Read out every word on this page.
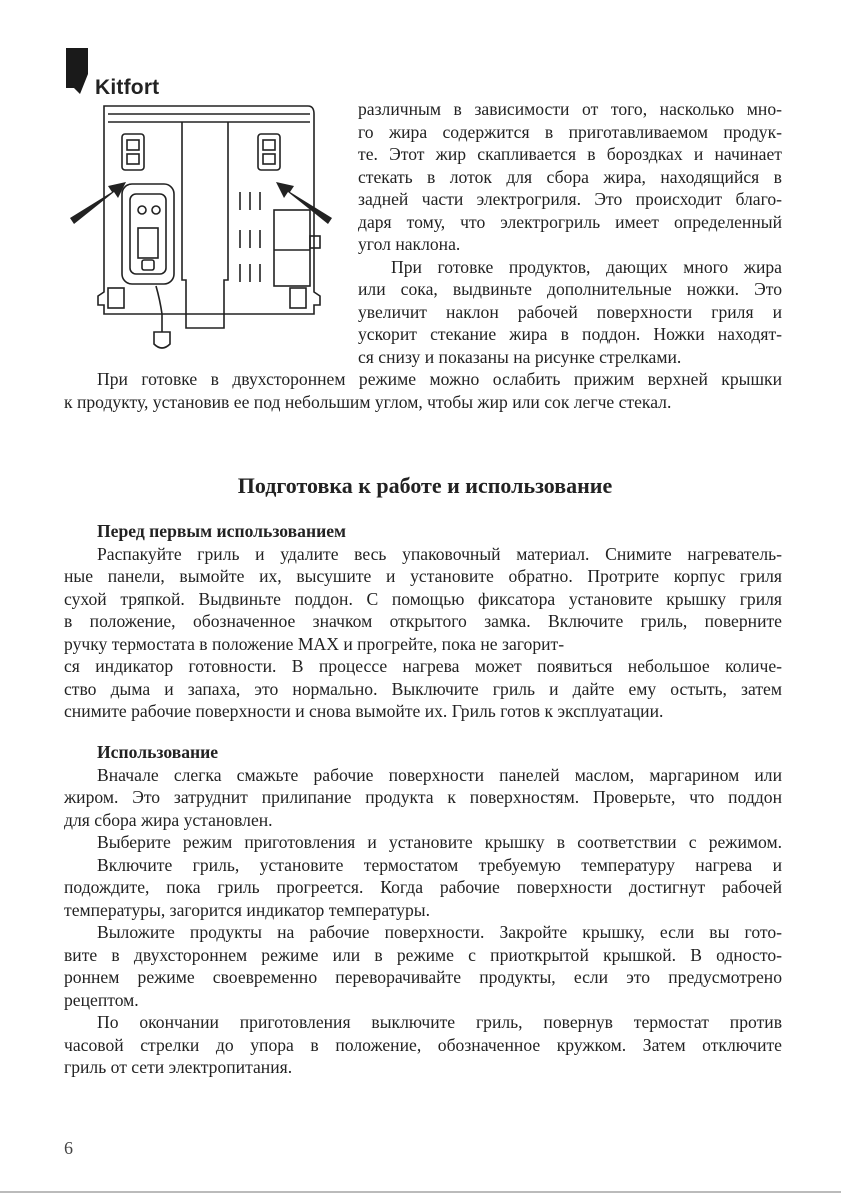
Kitfort

различным в зависимости от того, насколько мно-

го жира содержится в приготавливаемом продук-

те. Этот жир скапливается в бороздках и начинает

стекать в лоток для сбора жира, находящийся в

задней части электрогриля. Это происходит благо-

даря тому, что электрогриль имеет определенный

угол наклона.

При готовке продуктов, дающих много жира

или сока, выдвиньте дополнительные ножки. Это

увеличит наклон рабочей поверхности гриля и

ускорит стекание жира в поддон. Ножки находят-

ся снизу и показаны на рисунке стрелками.

При готовке в двухстороннем режиме можно ослабить прижим верхней крышки

к продукту, установив ее под небольшим углом, чтобы жир или сок легче стекал.

Подготовка к работе и использование

Перед первым использованием

Распакуйте гриль и удалите весь упаковочный материал. Снимите нагреватель-

ные панели, вымойте их, высушите и установите обратно. Протрите корпус гриля

сухой тряпкой. Выдвиньте поддон. С помощью фиксатора установите крышку гриля

в положение, обозначенное значком открытого замка. Включите гриль, поверните

ручку термостата в положение MAX и прогрейте, пока не загорит-

ся индикатор готовности. В процессе нагрева может появиться небольшое количе-

ство дыма и запаха, это нормально. Выключите гриль и дайте ему остыть, затем

снимите рабочие поверхности и снова вымойте их. Гриль готов к эксплуатации.

Использование

Вначале слегка смажьте рабочие поверхности панелей маслом, маргарином или

жиром. Это затруднит прилипание продукта к поверхностям. Проверьте, что поддон

для сбора жира установлен.

Выберите режим приготовления и установите крышку в соответствии с режимом.

Включите гриль, установите термостатом требуемую температуру нагрева и

подождите, пока гриль прогреется. Когда рабочие поверхности достигнут рабочей

температуры, загорится индикатор температуры.

Выложите продукты на рабочие поверхности. Закройте крышку, если вы гото-

вите в двухстороннем режиме или в режиме с приоткрытой крышкой. В односто-

роннем режиме своевременно переворачивайте продукты, если это предусмотрено

рецептом.

По окончании приготовления выключите гриль, повернув термостат против

часовой стрелки до упора в положение, обозначенное кружком. Затем отключите

гриль от сети электропитания.

6
